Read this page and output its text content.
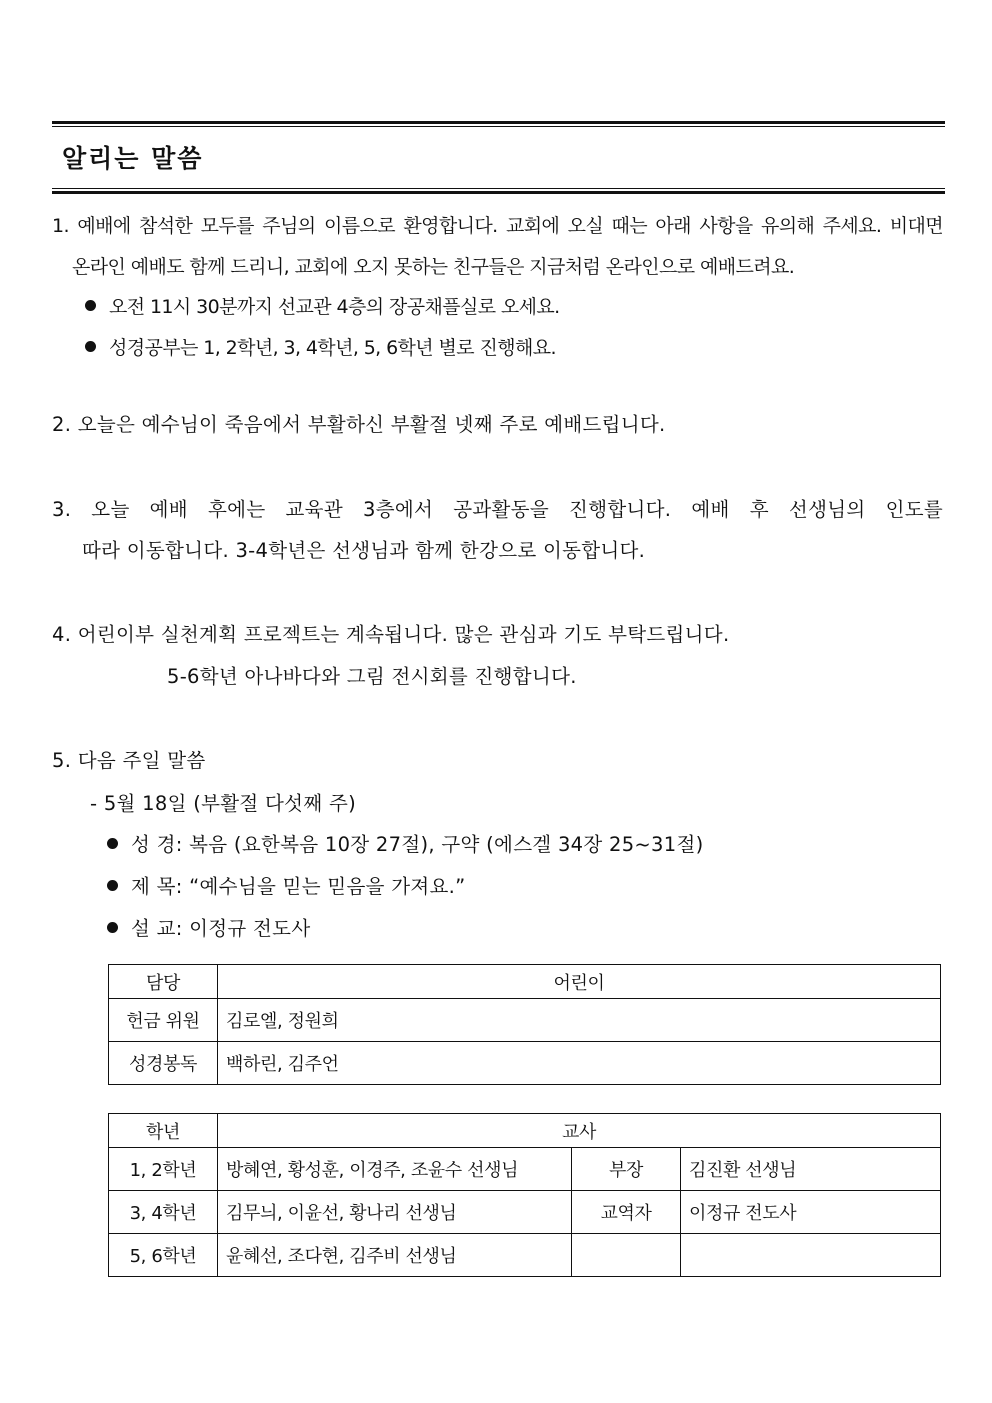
알리는 말씀
1. 예배에 참석한 모두를 주님의 이름으로 환영합니다. 교회에 오실 때는 아래 사항을 유의해 주세요. 비대면
온라인 예배도 함께 드리니, 교회에 오지 못하는 친구들은 지금처럼 온라인으로 예배드려요.
오전 11시 30분까지 선교관 4층의 장공채플실로 오세요.
성경공부는 1, 2학년, 3, 4학년, 5, 6학년 별로 진행해요.
2. 오늘은 예수님이 죽음에서 부활하신 부활절 넷째 주로 예배드립니다.
3. 오늘 예배 후에는 교육관 3층에서 공과활동을 진행합니다. 예배 후 선생님의 인도를
따라 이동합니다. 3-4학년은 선생님과 함께 한강으로 이동합니다.
4. 어린이부 실천계획 프로젝트는 계속됩니다. 많은 관심과 기도 부탁드립니다.
5-6학년 아나바다와 그림 전시회를 진행합니다.
5. 다음 주일 말씀
- 5월 18일 (부활절 다섯째 주)
성 경: 복음 (요한복음 10장 27절), 구약 (에스겔 34장 25~31절)
제 목: “예수님을 믿는 믿음을 가져요.”
설 교: 이정규 전도사
담당	어린이
헌금 위원	김로엘, 정원희
성경봉독	백하린, 김주언
학년	교사		
1, 2학년	방혜연, 황성훈, 이경주, 조윤수 선생님	부장	김진환 선생님
3, 4학년	김무늬, 이윤선, 황나리 선생님	교역자	이정규 전도사
5, 6학년	윤혜선, 조다현, 김주비 선생님		
